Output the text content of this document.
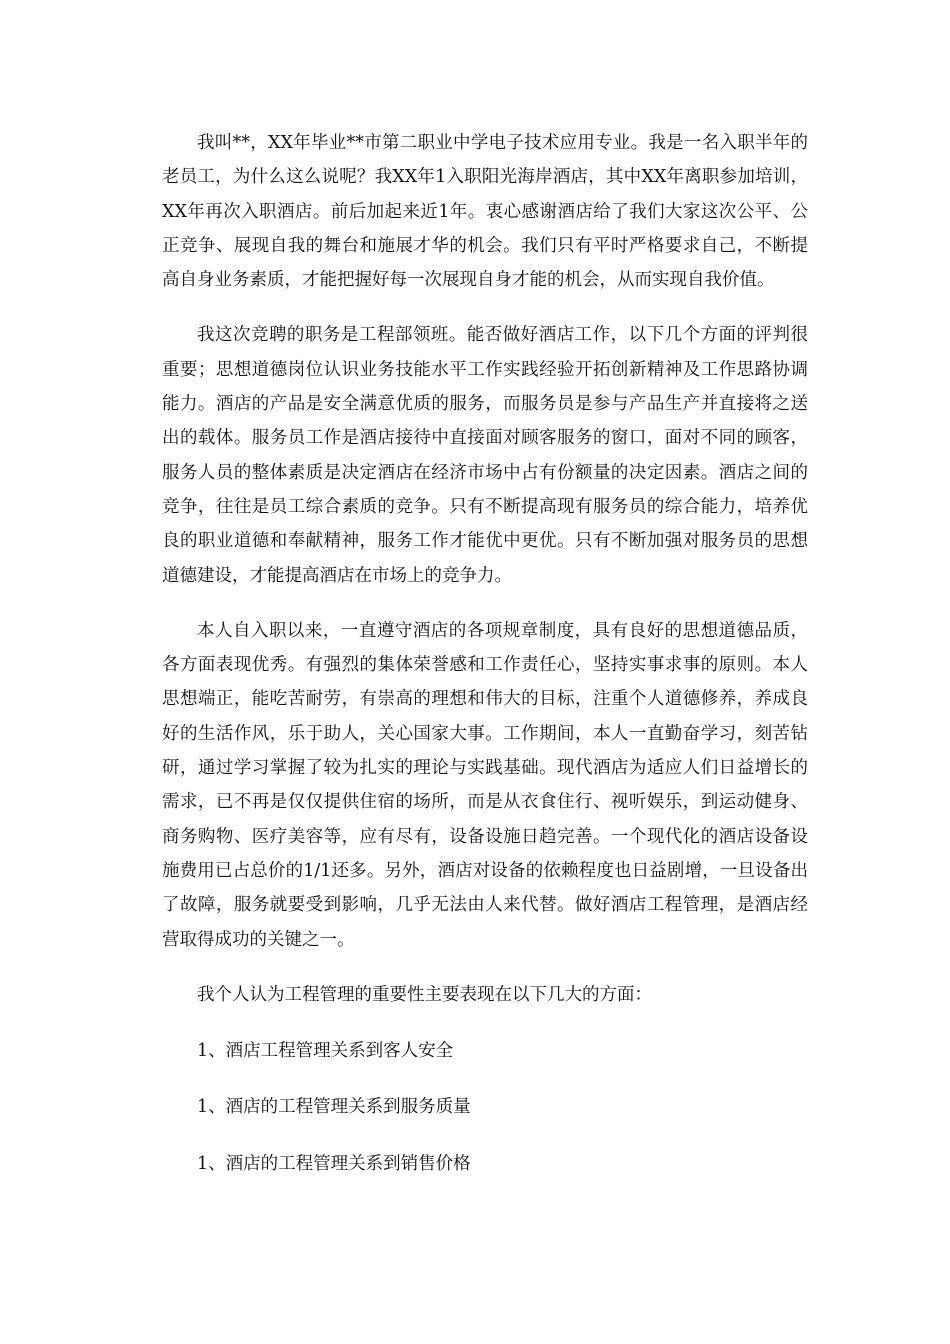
我叫**，XX年毕业**市第二职业中学电子技术应用专业。我是一名入职半年的老员工，为什么这么说呢？我XX年1入职阳光海岸酒店，其中XX年离职参加培训，XX年再次入职酒店。前后加起来近1年。衷心感谢酒店给了我们大家这次公平、公正竞争、展现自我的舞台和施展才华的机会。我们只有平时严格要求自己，不断提高自身业务素质，才能把握好每一次展现自身才能的机会，从而实现自我价值。

我这次竞聘的职务是工程部领班。能否做好酒店工作，以下几个方面的评判很重要；思想道德岗位认识业务技能水平工作实践经验开拓创新精神及工作思路协调能力。酒店的产品是安全满意优质的服务，而服务员是参与产品生产并直接将之送出的载体。服务员工作是酒店接待中直接面对顾客服务的窗口，面对不同的顾客，服务人员的整体素质是决定酒店在经济市场中占有份额量的决定因素。酒店之间的竞争，往往是员工综合素质的竞争。只有不断提高现有服务员的综合能力，培养优良的职业道德和奉献精神，服务工作才能优中更优。只有不断加强对服务员的思想道德建设，才能提高酒店在市场上的竞争力。

本人自入职以来，一直遵守酒店的各项规章制度，具有良好的思想道德品质，各方面表现优秀。有强烈的集体荣誉感和工作责任心，坚持实事求事的原则。本人思想端正，能吃苦耐劳，有崇高的理想和伟大的目标，注重个人道德修养，养成良好的生活作风，乐于助人，关心国家大事。工作期间，本人一直勤奋学习，刻苦钻研，通过学习掌握了较为扎实的理论与实践基础。现代酒店为适应人们日益增长的需求，已不再是仅仅提供住宿的场所，而是从衣食住行、视听娱乐，到运动健身、商务购物、医疗美容等，应有尽有，设备设施日趋完善。一个现代化的酒店设备设施费用已占总价的1/1还多。另外，酒店对设备的依赖程度也日益剧增，一旦设备出了故障，服务就要受到影响，几乎无法由人来代替。做好酒店工程管理，是酒店经营取得成功的关键之一。

我个人认为工程管理的重要性主要表现在以下几大的方面：

1、酒店工程管理关系到客人安全

1、酒店的工程管理关系到服务质量

1、酒店的工程管理关系到销售价格
